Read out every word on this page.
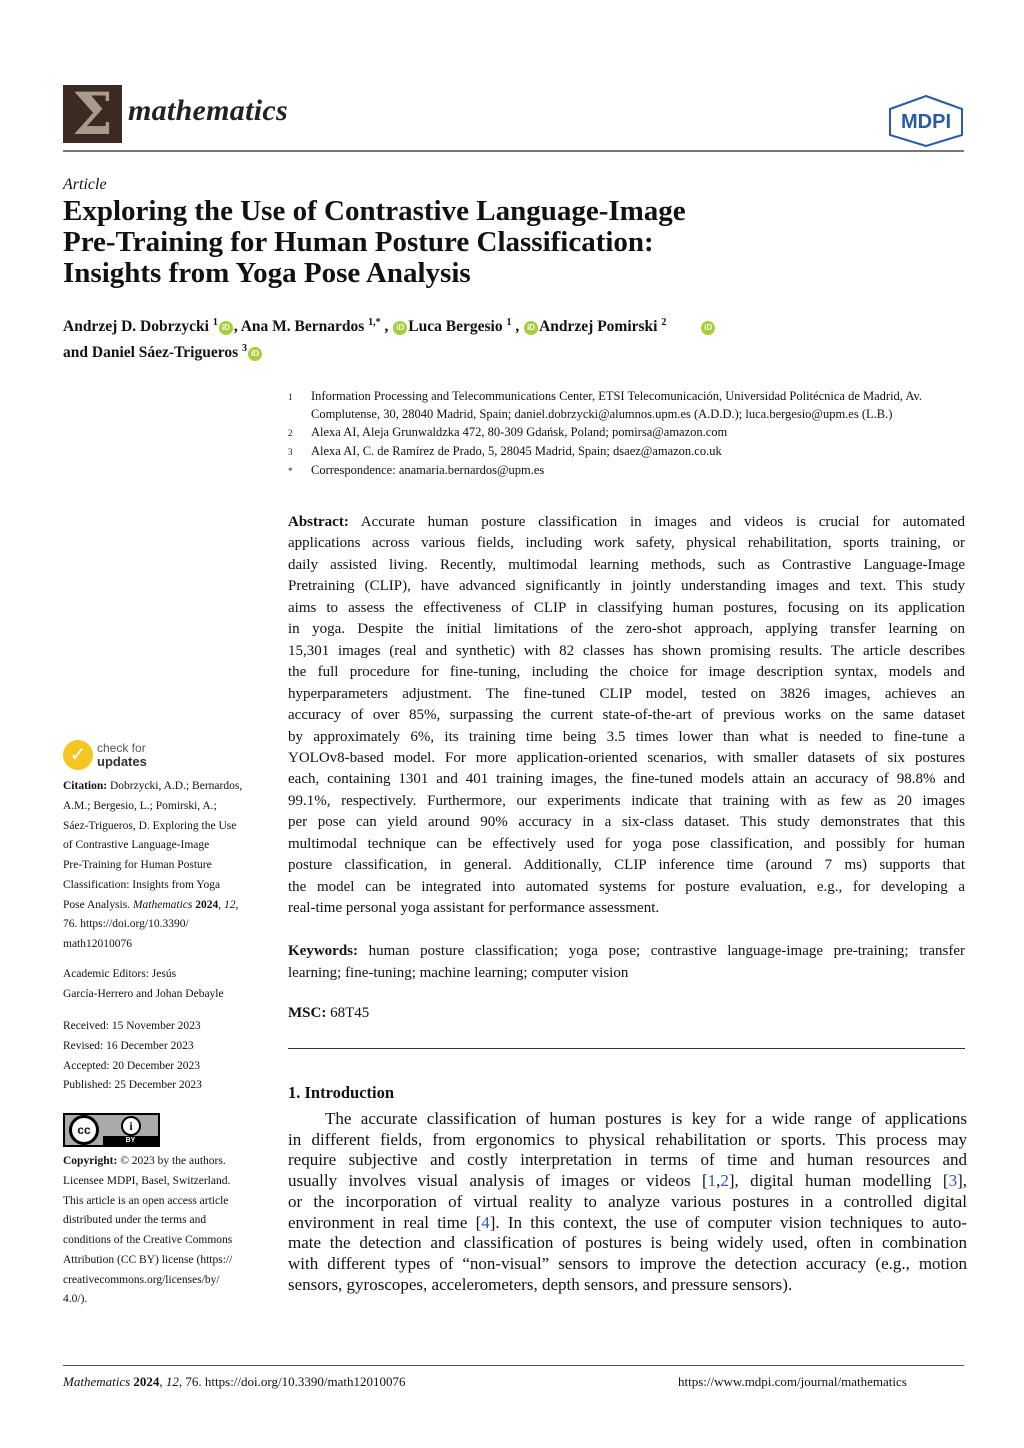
Σ mathematics	MDPI
Article
Exploring the Use of Contrastive Language-Image
Pre-Training for Human Posture Classification:
Insights from Yoga Pose Analysis
Andrzej D. Dobrzycki $^1$ iD , Ana M. Bernardos $^{1,*}$ , iD Luca Bergesio $^1$ , iD Andrzej Pomirski $^2$	iD
and Daniel Sáez-Trigueros $^3$ iD
1	Information Processing and Telecommunications Center, ETSI Telecomunicación, Universidad Politécnica de Madrid, Av. Complutense, 30, 28040 Madrid, Spain; daniel.dobrzycki@alumnos.upm.es (A.D.D.); luca.bergesio@upm.es (L.B.)
2	Alexa AI, Aleja Grunwaldzka 472, 80-309 Gdańsk, Poland; pomirsa@amazon.com
3	Alexa AI, C. de Ramírez de Prado, 5, 28045 Madrid, Spain; dsaez@amazon.co.uk
*	Correspondence: anamaria.bernardos@upm.es
Abstract: Accurate human posture classification in images and videos is crucial for automated
applications across various fields, including work safety, physical rehabilitation, sports training, or
daily assisted living. Recently, multimodal learning methods, such as Contrastive Language-Image
Pretraining (CLIP), have advanced significantly in jointly understanding images and text. This study
aims to assess the effectiveness of CLIP in classifying human postures, focusing on its application
in yoga. Despite the initial limitations of the zero-shot approach, applying transfer learning on
15,301 images (real and synthetic) with 82 classes has shown promising results. The article describes
the full procedure for fine-tuning, including the choice for image description syntax, models and
hyperparameters adjustment. The fine-tuned CLIP model, tested on 3826 images, achieves an
accuracy of over 85%, surpassing the current state-of-the-art of previous works on the same dataset
by approximately 6%, its training time being 3.5 times lower than what is needed to fine-tune a
YOLOv8-based model. For more application-oriented scenarios, with smaller datasets of six postures
each, containing 1301 and 401 training images, the fine-tuned models attain an accuracy of 98.8% and
99.1%, respectively. Furthermore, our experiments indicate that training with as few as 20 images
per pose can yield around 90% accuracy in a six-class dataset. This study demonstrates that this
multimodal technique can be effectively used for yoga pose classification, and possibly for human
posture classification, in general. Additionally, CLIP inference time (around 7 ms) supports that
the model can be integrated into automated systems for posture evaluation, e.g., for developing a
real-time personal yoga assistant for performance assessment.
Keywords: human posture classification; yoga pose; contrastive language-image pre-training; transfer
learning; fine-tuning; machine learning; computer vision
MSC: 68T45
1. Introduction
The accurate classification of human postures is key for a wide range of applications
in different fields, from ergonomics to physical rehabilitation or sports. This process may
require subjective and costly interpretation in terms of time and human resources and
usually involves visual analysis of images or videos [1,2], digital human modelling [3],
or the incorporation of virtual reality to analyze various postures in a controlled digital
environment in real time [4]. In this context, the use of computer vision techniques to auto-
mate the detection and classification of postures is being widely used, often in combination
with different types of “non-visual” sensors to improve the detection accuracy (e.g., motion
sensors, gyroscopes, accelerometers, depth sensors, and pressure sensors).
✓ check for
updates
Citation: Dobrzycki, A.D.; Bernardos,
A.M.; Bergesio, L.; Pomirski, A.;
Sáez-Trigueros, D. Exploring the Use
of Contrastive Language-Image
Pre-Training for Human Posture
Classification: Insights from Yoga
Pose Analysis. Mathematics 2024, 12,
76. https://doi.org/10.3390/
math12010076
Academic Editors: Jesús
García-Herrero and Johan Debayle
Received: 15 November 2023
Revised: 16 December 2023
Accepted: 20 December 2023
Published: 25 December 2023
cc	i
BY
Copyright: © 2023 by the authors.
Licensee MDPI, Basel, Switzerland.
This article is an open access article
distributed under the terms and
conditions of the Creative Commons
Attribution (CC BY) license (https://
creativecommons.org/licenses/by/
4.0/).
Mathematics 2024, 12, 76. https://doi.org/10.3390/math12010076	https://www.mdpi.com/journal/mathematics
